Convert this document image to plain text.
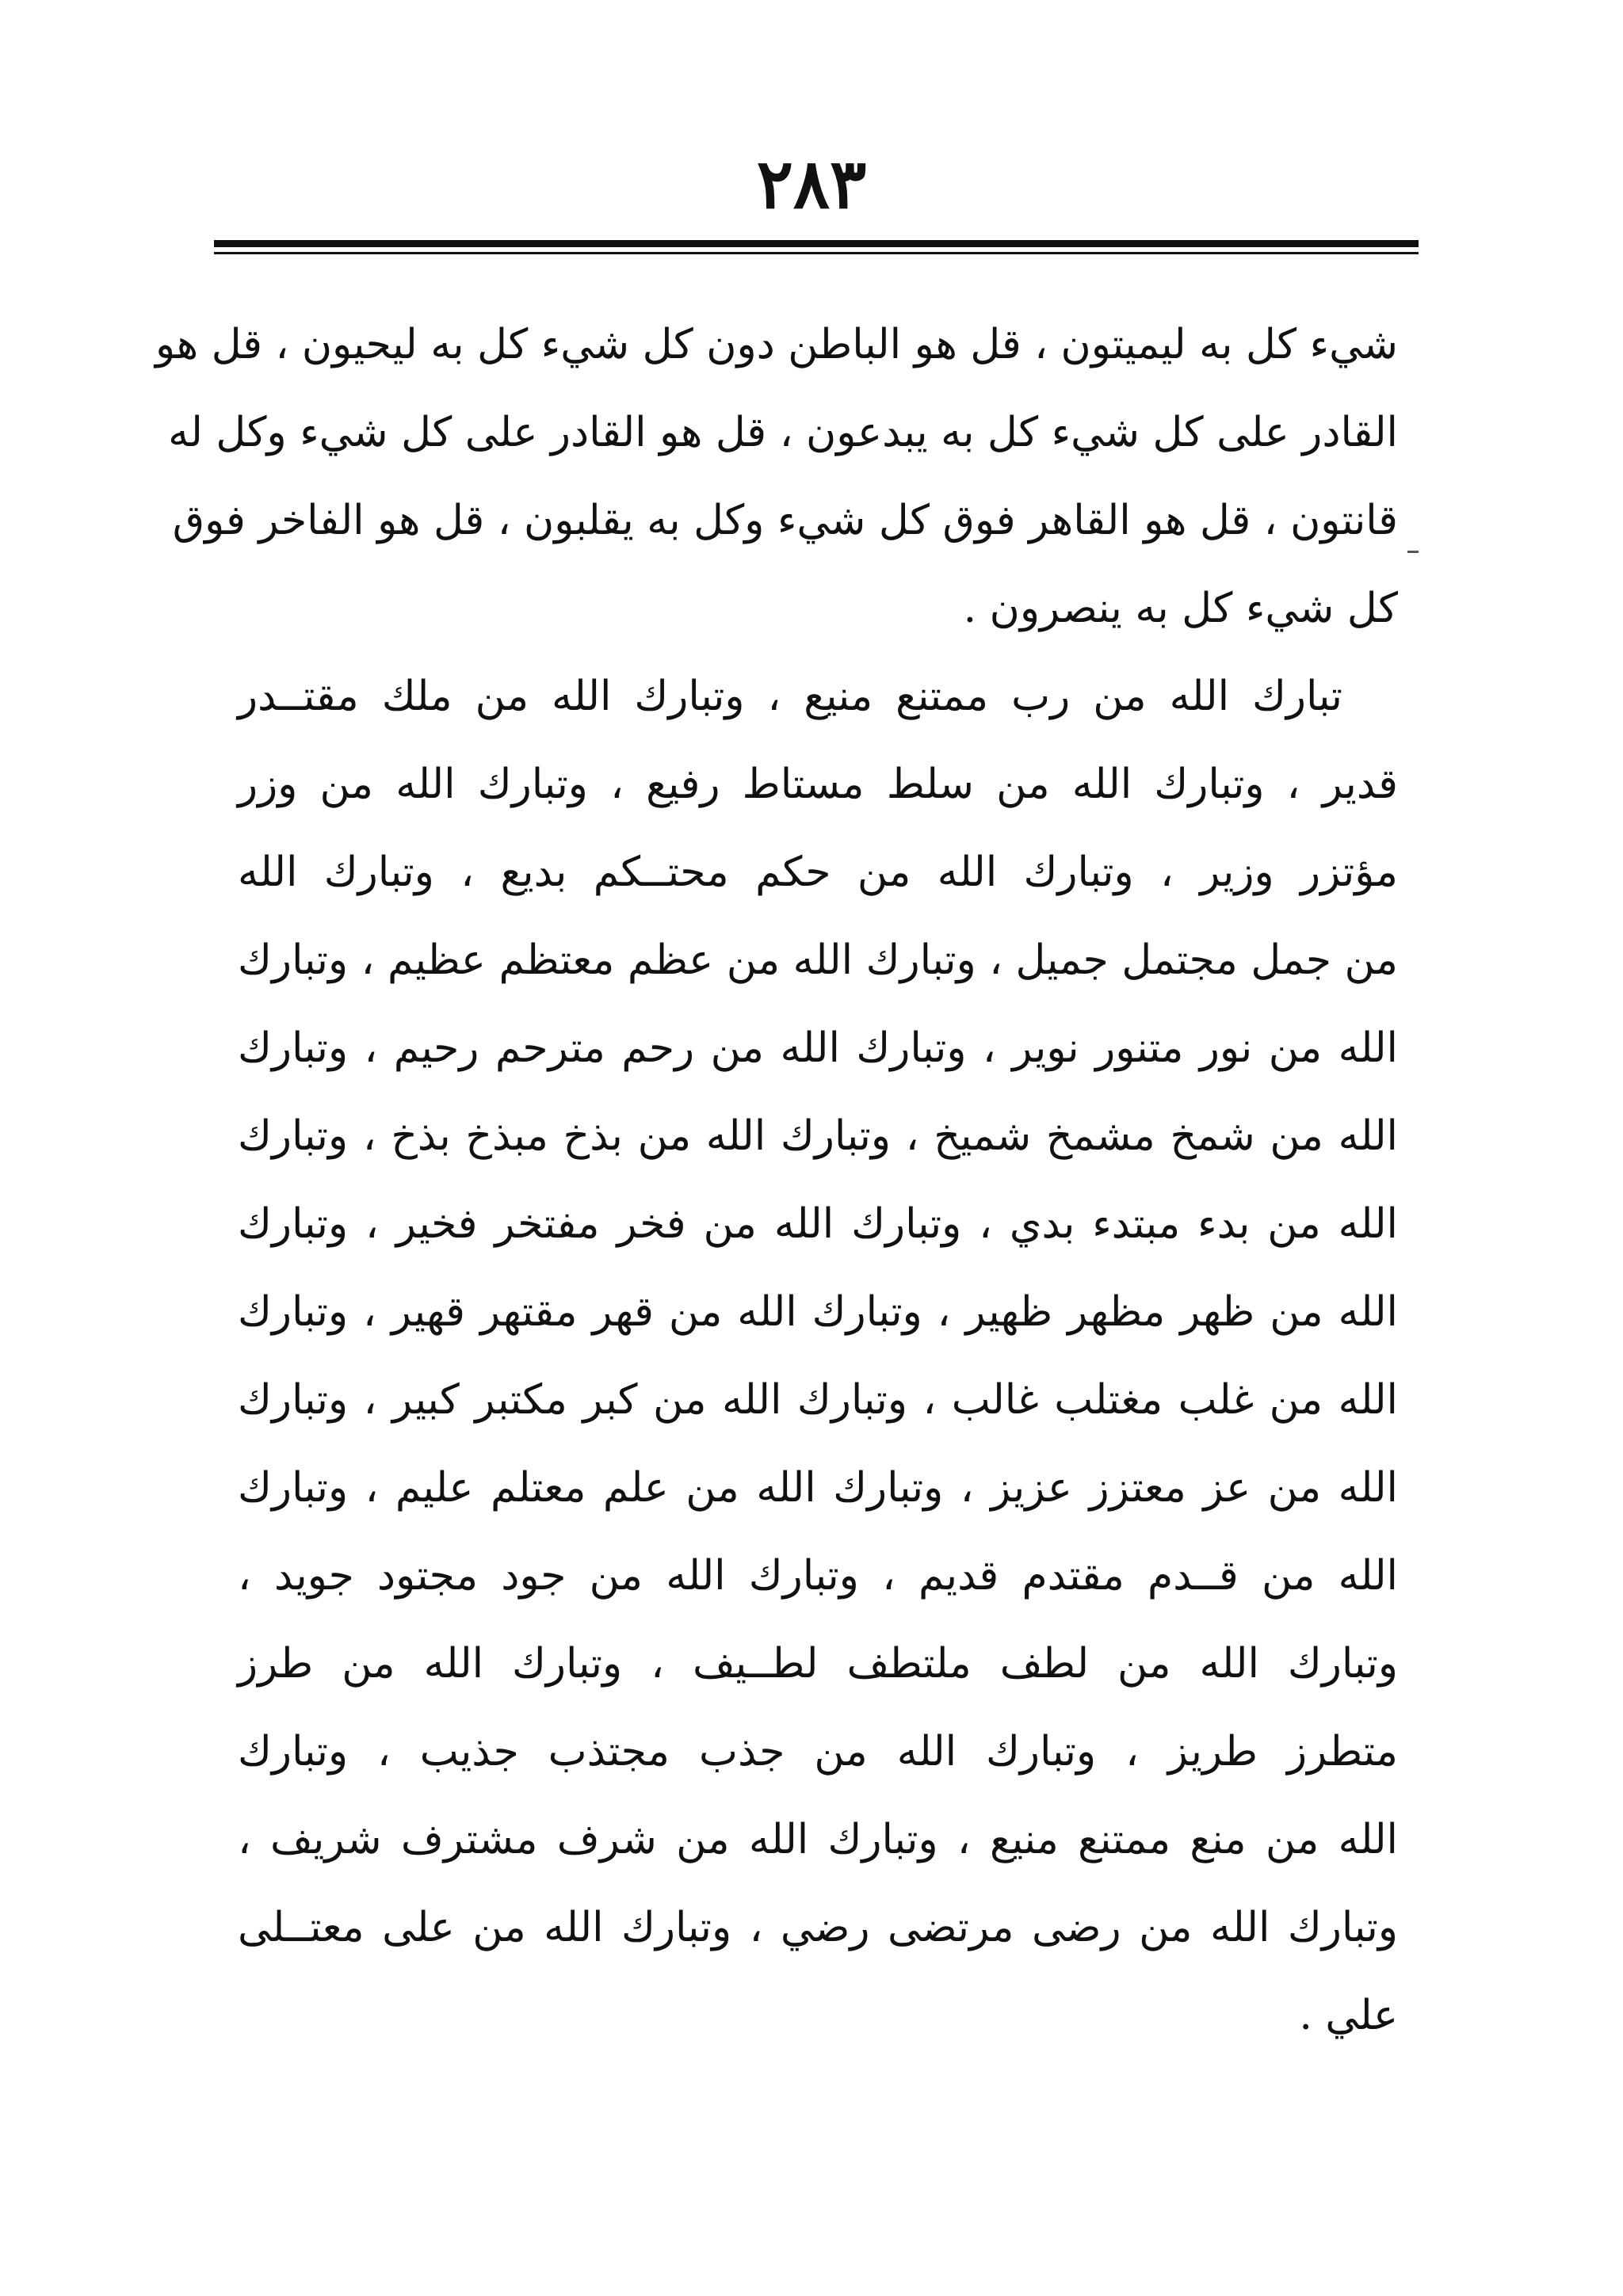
٢٨٣
شيء كل به ليميتون ، قل هو الباطن دون كل شيء كل به ليحيون ، قل هو
القادر على كل شيء كل به يبدعون ، قل هو القادر على كل شيء وكل له
قانتون ، قل هو القاهر فوق كل شيء وكل به يقلبون ، قل هو الفاخر فوق
كل شيء كل به ينصرون .
تبارك الله من رب ممتنع منيع ، وتبارك الله من ملك مقتــدر
قدير ، وتبارك الله من سلط مستاط رفيع ، وتبارك الله من وزر
مؤتزر وزير ، وتبارك الله من حكم محتــكم بديع ، وتبارك الله
من جمل مجتمل جميل ، وتبارك الله من عظم معتظم عظيم ، وتبارك
الله من نور متنور نوير ، وتبارك الله من رحم مترحم رحيم ، وتبارك
الله من شمخ مشمخ شميخ ، وتبارك الله من بذخ مبذخ بذخ ، وتبارك
الله من بدء مبتدء بدي ، وتبارك الله من فخر مفتخر فخير ، وتبارك
الله من ظهر مظهر ظهير ، وتبارك الله من قهر مقتهر قهير ، وتبارك
الله من غلب مغتلب غالب ، وتبارك الله من كبر مكتبر كبير ، وتبارك
الله من عز معتزز عزيز ، وتبارك الله من علم معتلم عليم ، وتبارك
الله من قــدم مقتدم قديم ، وتبارك الله من جود مجتود جويد ،
وتبارك الله من لطف ملتطف لطــيف ، وتبارك الله من طرز
متطرز طريز ، وتبارك الله من جذب مجتذب جذيب ، وتبارك
الله من منع ممتنع منيع ، وتبارك الله من شرف مشترف شريف ،
وتبارك الله من رضى مرتضى رضي ، وتبارك الله من على معتــلى
علي .
